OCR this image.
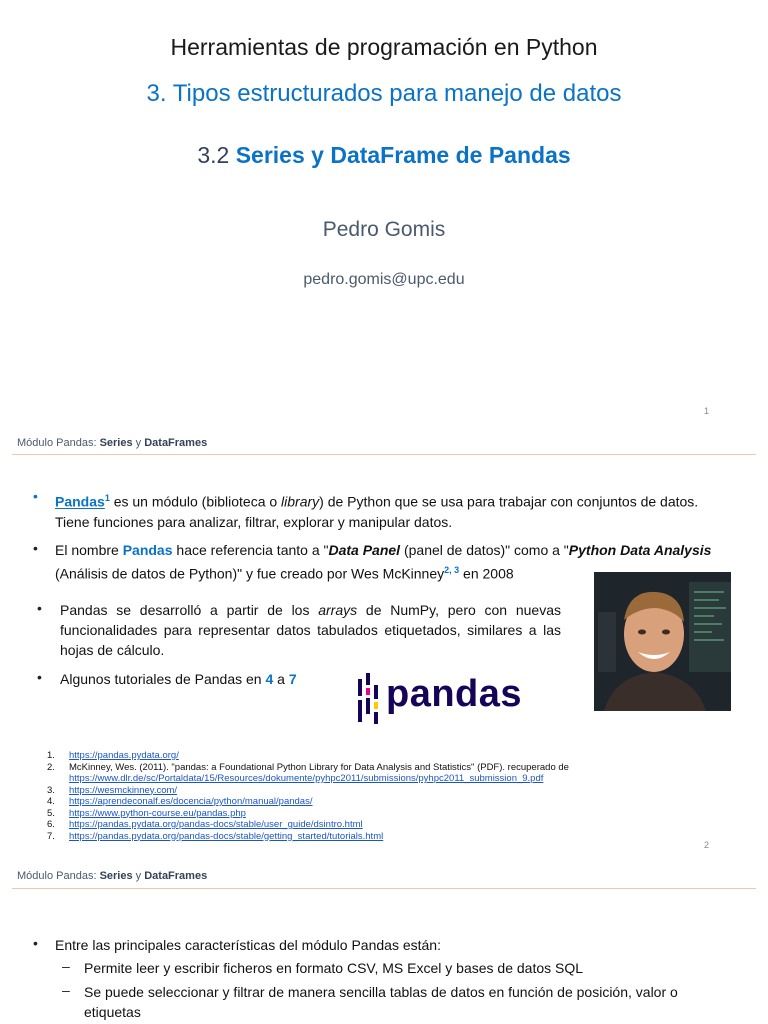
Herramientas de programación en Python
3. Tipos estructurados para manejo de datos
3.2 Series y DataFrame de Pandas
Pedro Gomis
pedro.gomis@upc.edu
1
Módulo Pandas: Series y DataFrames
• Pandas$^1$ es un módulo (biblioteca o library) de Python que se usa para trabajar con conjuntos de datos.
Tiene funciones para analizar, filtrar, explorar y manipular datos.
• El nombre Pandas hace referencia tanto a "Data Panel (panel de datos)" como a "Python Data Analysis
(Análisis de datos de Python)" y fue creado por Wes McKinney$^{2, 3}$ en 2008
• Pandas se desarrolló a partir de los arrays de NumPy, pero con nuevas funcionalidades para representar datos tabulados etiquetados, similares a las hojas de cálculo.
• Algunos tutoriales de Pandas en 4 a 7 pandas
1. https://pandas.pydata.org/
2. McKinney, Wes. (2011). "pandas: a Foundational Python Library for Data Analysis and Statistics" (PDF). recuperado de
https://www.dlr.de/sc/Portaldata/15/Resources/dokumente/pyhpc2011/submissions/pyhpc2011_submission_9.pdf
3. https://wesmckinney.com/
4. https://aprendeconalf.es/docencia/python/manual/pandas/
5. https://www.python-course.eu/pandas.php
6. https://pandas.pydata.org/pandas-docs/stable/user_guide/dsintro.html
7. https://pandas.pydata.org/pandas-docs/stable/getting_started/tutorials.html
2
Módulo Pandas: Series y DataFrames
• Entre las principales características del módulo Pandas están:
– Permite leer y escribir ficheros en formato CSV, MS Excel y bases de datos SQL
– Se puede seleccionar y filtrar de manera sencilla tablas de datos en función de posición, valor o
etiquetas
